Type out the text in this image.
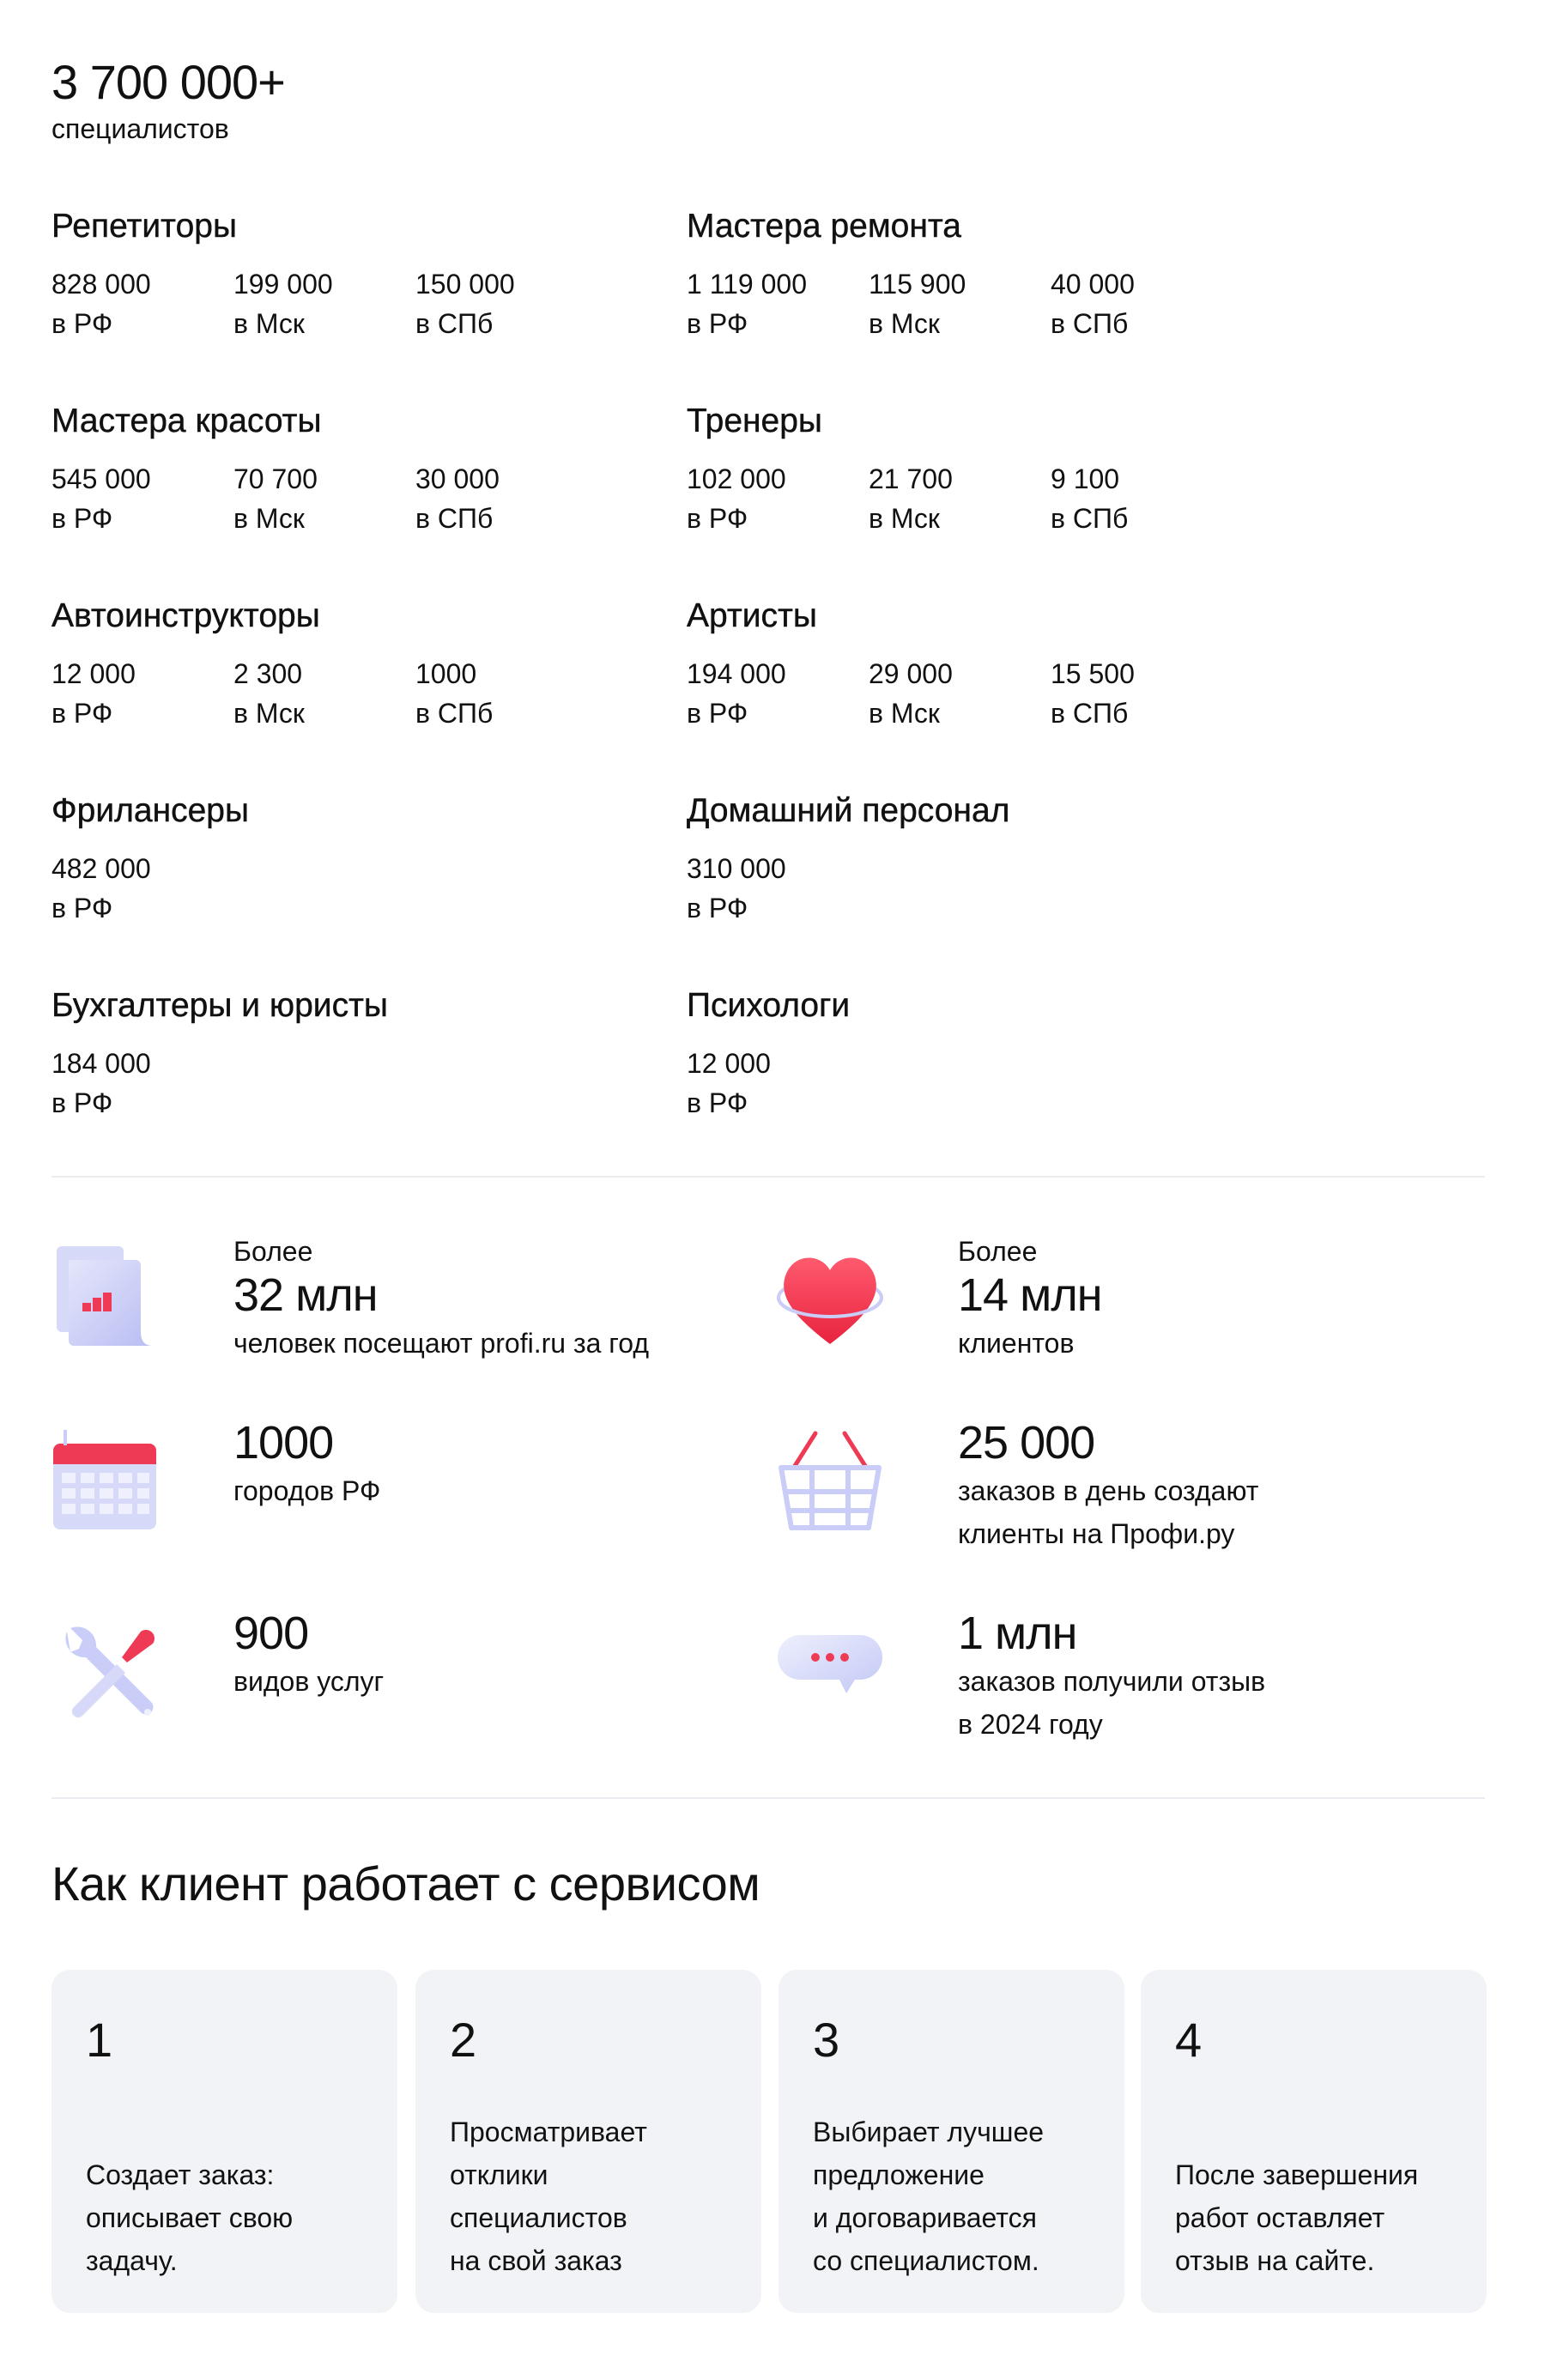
3 700 000+
специалистов
Репетиторы
828 000
в РФ
199 000
в Мск
150 000
в СПб
Мастера ремонта
1 119 000
в РФ
115 900
в Мск
40 000
в СПб
Мастера красоты
545 000
в РФ
70 700
в Мск
30 000
в СПб
Тренеры
102 000
в РФ
21 700
в Мск
9 100
в СПб
Автоинструкторы
12 000
в РФ
2 300
в Мск
1000
в СПб
Артисты
194 000
в РФ
29 000
в Мск
15 500
в СПб
Фрилансеры
482 000
в РФ
Домашний персонал
310 000
в РФ
Бухгалтеры и юристы
184 000
в РФ
Психологи
12 000
в РФ
Более
32 млн
человек посещают profi.ru за год
Более
14 млн
клиентов
1000
городов РФ
25 000
заказов в день создают
клиенты на Профи.ру
900
видов услуг
1 млн
заказов получили отзыв
в 2024 году
Как клиент работает с сервисом
1
Создает заказ:
описывает свою
задачу.
2
Просматривает
отклики
специалистов
на свой заказ
3
Выбирает лучшее
предложение
и договаривается
со специалистом.
4
После завершения
работ оставляет
отзыв на сайте.
